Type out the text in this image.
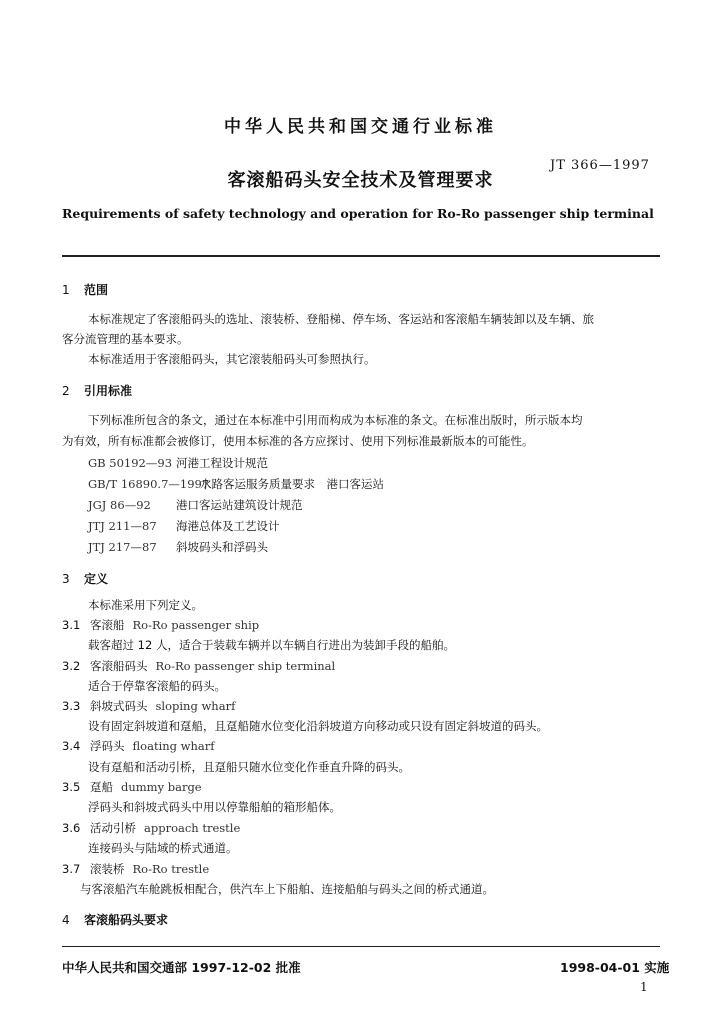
中华人民共和国交通行业标准
JT 366—1997
客滚船码头安全技术及管理要求
Requirements of safety technology and operation for Ro-Ro passenger ship terminal
1 范围
本标准规定了客滚船码头的选址、滚装桥、登船梯、停车场、客运站和客滚船车辆装卸以及车辆、旅
客分流管理的基本要求。
本标准适用于客滚船码头，其它滚装船码头可参照执行。
2 引用标准
下列标准所包含的条文，通过在本标准中引用而构成为本标准的条文。在标准出版时，所示版本均
为有效，所有标准都会被修订，使用本标准的各方应探讨、使用下列标准最新版本的可能性。
GB 50192—93 河港工程设计规范
GB/T 16890.7—1997水路客运服务质量要求　港口客运站
JGJ 86—92 港口客运站建筑设计规范
JTJ 211—87 海港总体及工艺设计
JTJ 217—87 斜坡码头和浮码头
3 定义
本标准采用下列定义。
3.1 客滚船 Ro-Ro passenger ship
载客超过 12 人，适合于装载车辆并以车辆自行进出为装卸手段的船舶。
3.2 客滚船码头 Ro-Ro passenger ship terminal
适合于停靠客滚船的码头。
3.3 斜坡式码头 sloping wharf
设有固定斜坡道和趸船，且趸船随水位变化沿斜坡道方向移动或只设有固定斜坡道的码头。
3.4 浮码头 floating wharf
设有趸船和活动引桥，且趸船只随水位变化作垂直升降的码头。
3.5 趸船 dummy barge
浮码头和斜坡式码头中用以停靠船舶的箱形船体。
3.6 活动引桥 approach trestle
连接码头与陆域的桥式通道。
3.7 滚装桥 Ro-Ro trestle
与客滚船汽车舱跳板相配合，供汽车上下船舶、连接船舶与码头之间的桥式通道。
4 客滚船码头要求
中华人民共和国交通部 1997-12-02 批准	1998-04-01 实施
1
